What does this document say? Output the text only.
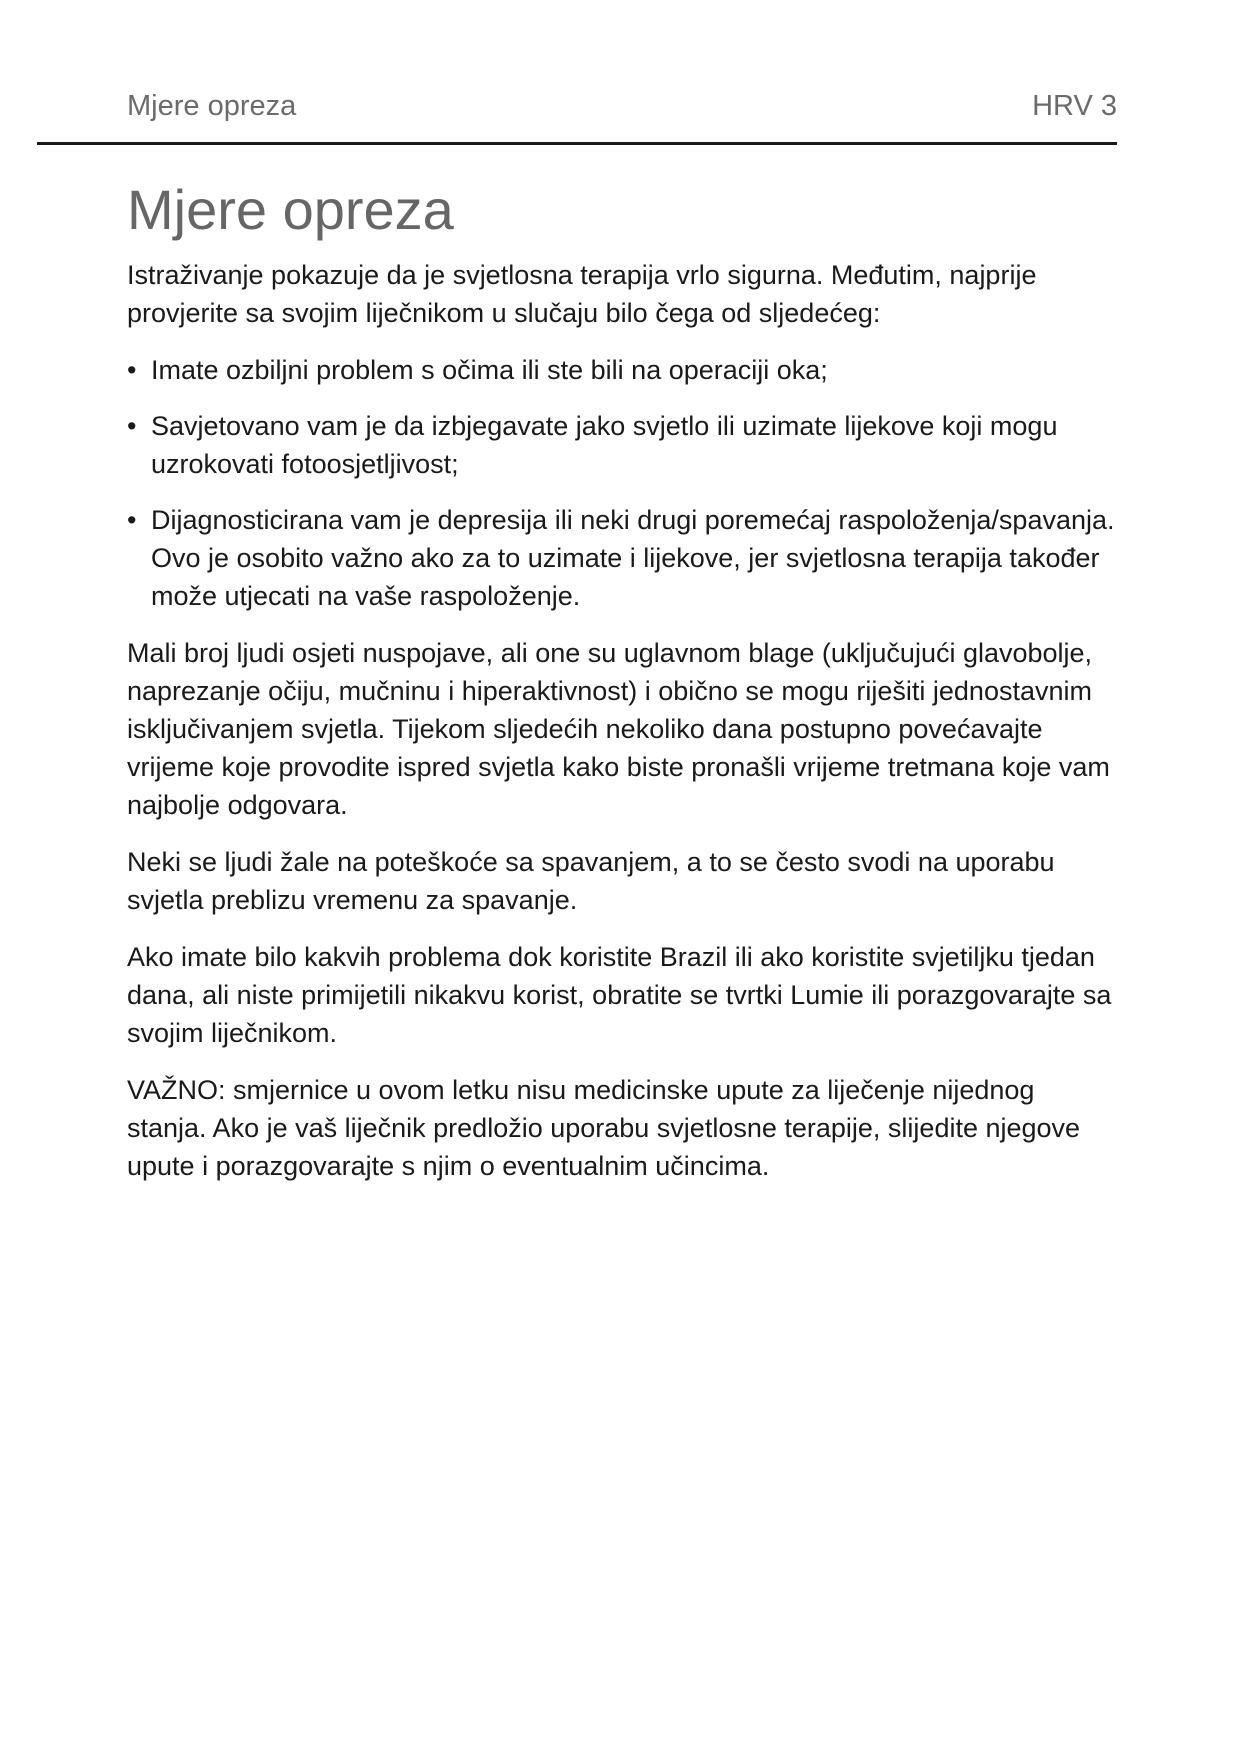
Mjere opreza	HRV 3
Mjere opreza

Istraživanje pokazuje da je svjetlosna terapija vrlo sigurna. Međutim, najprije provjerite sa svojim liječnikom u slučaju bilo čega od sljedećeg:

• Imate ozbiljni problem s očima ili ste bili na operaciji oka;
• Savjetovano vam je da izbjegavate jako svjetlo ili uzimate lijekove koji mogu uzrokovati fotoosjetljivost;
• Dijagnosticirana vam je depresija ili neki drugi poremećaj raspoloženja/spavanja. Ovo je osobito važno ako za to uzimate i lijekove, jer svjetlosna terapija također može utjecati na vaše raspoloženje.

Mali broj ljudi osjeti nuspojave, ali one su uglavnom blage (uključujući glavobolje, naprezanje očiju, mučninu i hiperaktivnost) i obično se mogu riješiti jednostavnim isključivanjem svjetla. Tijekom sljedećih nekoliko dana postupno povećavajte vrijeme koje provodite ispred svjetla kako biste pronašli vrijeme tretmana koje vam najbolje odgovara.

Neki se ljudi žale na poteškoće sa spavanjem, a to se često svodi na uporabu svjetla preblizu vremenu za spavanje.

Ako imate bilo kakvih problema dok koristite Brazil ili ako koristite svjetiljku tjedan dana, ali niste primijetili nikakvu korist, obratite se tvrtki Lumie ili porazgovarajte sa svojim liječnikom.

VAŽNO: smjernice u ovom letku nisu medicinske upute za liječenje nijednog stanja. Ako je vaš liječnik predložio uporabu svjetlosne terapije, slijedite njegove upute i porazgovarajte s njim o eventualnim učincima.
